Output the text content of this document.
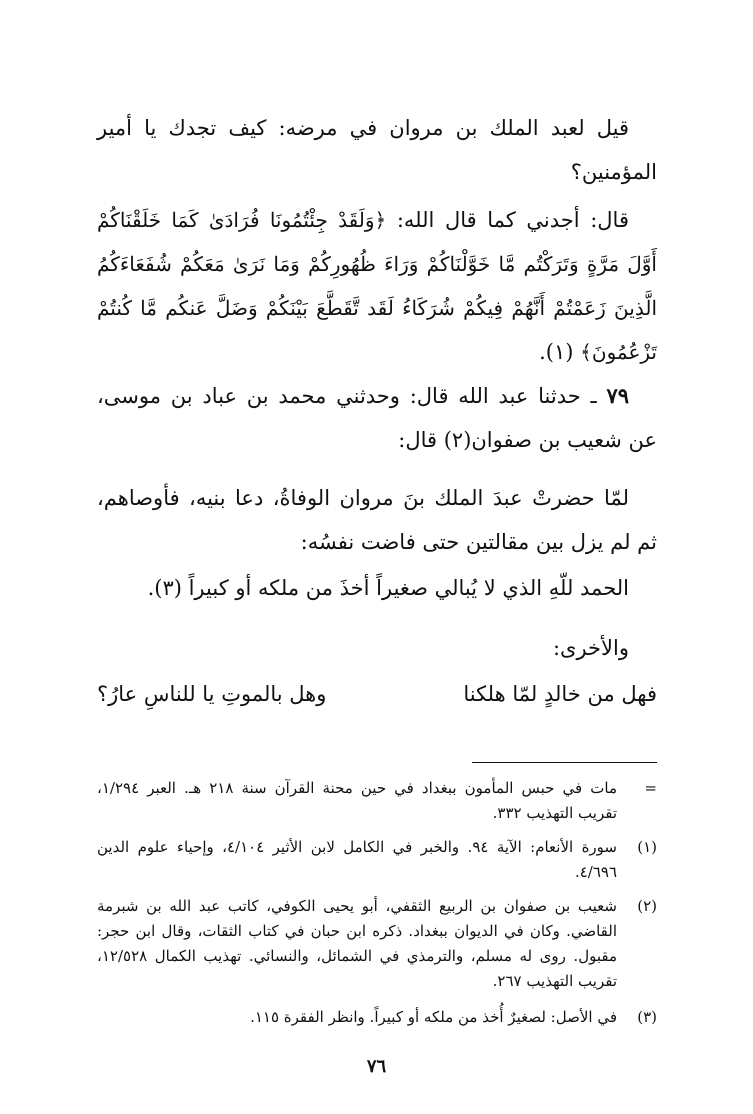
قيل لعبد الملك بن مروان في مرضه: كيف تجدك يا أمير المؤمنين؟
قال: أجدني كما قال الله: ﴿وَلَقَدْ جِئْتُمُونَا فُرَادَىٰ كَمَا خَلَقْنَاكُمْ أَوَّلَ مَرَّةٍ وَتَرَكْتُم مَّا خَوَّلْنَاكُمْ وَرَاءَ ظُهُورِكُمْ وَمَا نَرَىٰ مَعَكُمْ شُفَعَاءَكُمُ الَّذِينَ زَعَمْتُمْ أَنَّهُمْ فِيكُمْ شُرَكَاءُ لَقَد تَّقَطَّعَ بَيْنَكُمْ وَضَلَّ عَنكُم مَّا كُنتُمْ تَزْعُمُونَ﴾ (١).
٧٩ ـ حدثنا عبد الله قال: وحدثني محمد بن عباد بن موسى، عن شعيب بن صفوان(٢) قال:
لمّا حضرتْ عبدَ الملك بنَ مروان الوفاةُ، دعا بنيه، فأوصاهم، ثم لم يزل بين مقالتين حتى فاضت نفسُه:
الحمد للّهِ الذي لا يُبالي صغيراً أخذَ من ملكه أو كبيراً (٣).
والأخرى:
فهل من خالدٍ لمّا هلكنا
وهل بالموتِ يا للناسِ عارُ؟
=
مات في حبس المأمون ببغداد في حين محنة القرآن سنة ٢١٨ هـ. العبر ١/٢٩٤، تقريب التهذيب ٣٣٢.
(١)
سورة الأنعام: الآية ٩٤. والخبر في الكامل لابن الأثير ٤/١٠٤، وإحياء علوم الدين ٤/٦٩٦.
(٢)
شعيب بن صفوان بن الربيع الثقفي، أبو يحيى الكوفي، كاتب عبد الله بن شبرمة القاضي. وكان في الديوان ببغداد. ذكره ابن حبان في كتاب الثقات، وقال ابن حجر: مقبول. روى له مسلم، والترمذي في الشمائل، والنسائي. تهذيب الكمال ١٢/٥٢٨، تقريب التهذيب ٢٦٧.
(٣)
في الأصل: لصغيرٌ أُخذ من ملكه أو كبيراً. وانظر الفقرة ١١٥.
٧٦
